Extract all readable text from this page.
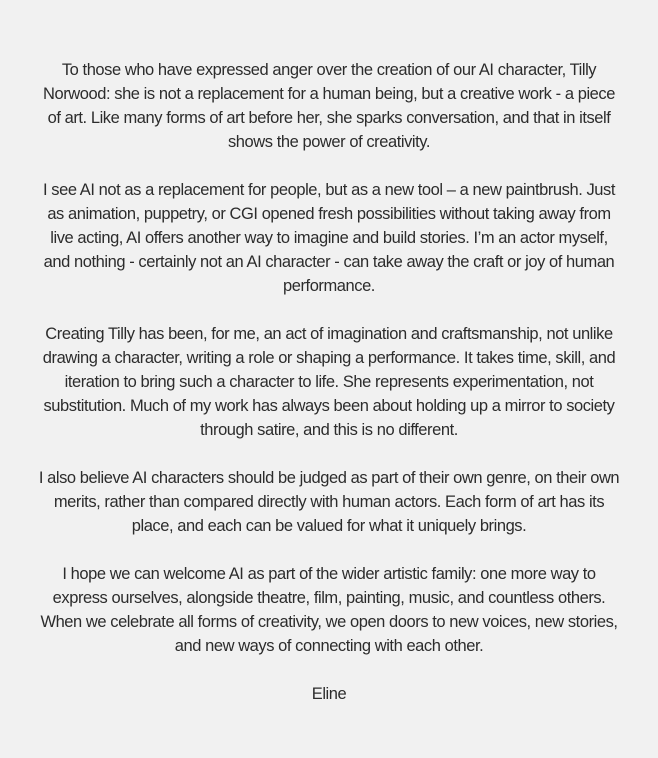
To those who have expressed anger over the creation of our AI character, Tilly Norwood: she is not a replacement for a human being, but a creative work - a piece of art. Like many forms of art before her, she sparks conversation, and that in itself shows the power of creativity.

I see AI not as a replacement for people, but as a new tool – a new paintbrush. Just as animation, puppetry, or CGI opened fresh possibilities without taking away from live acting, AI offers another way to imagine and build stories. I’m an actor myself, and nothing - certainly not an AI character - can take away the craft or joy of human performance.

Creating Tilly has been, for me, an act of imagination and craftsmanship, not unlike drawing a character, writing a role or shaping a performance. It takes time, skill, and iteration to bring such a character to life. She represents experimentation, not substitution. Much of my work has always been about holding up a mirror to society through satire, and this is no different.

I also believe AI characters should be judged as part of their own genre, on their own merits, rather than compared directly with human actors. Each form of art has its place, and each can be valued for what it uniquely brings.

I hope we can welcome AI as part of the wider artistic family: one more way to express ourselves, alongside theatre, film, painting, music, and countless others. When we celebrate all forms of creativity, we open doors to new voices, new stories, and new ways of connecting with each other.

Eline
